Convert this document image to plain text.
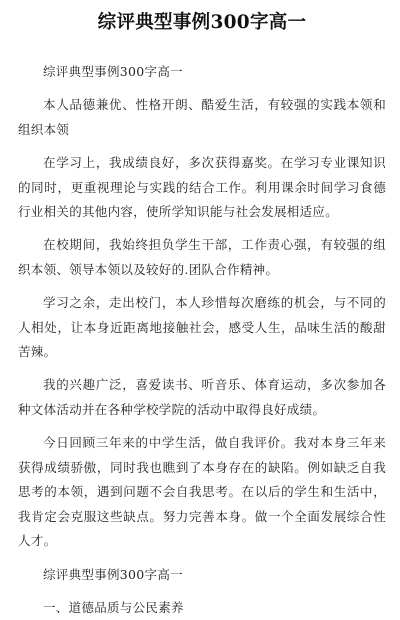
综评典型事例300字高一

综评典型事例300字高一

本人品德兼优、性格开朗、酷爱生活，有较强的实践本领和组织本领

在学习上，我成绩良好，多次获得嘉奖。在学习专业课知识的同时，更重视理论与实践的结合工作。利用课余时间学习食德行业相关的其他内容，使所学知识能与社会发展相适应。

在校期间，我始终担负学生干部，工作责心强，有较强的组织本领、领导本领以及较好的.团队合作精神。

学习之余，走出校门，本人珍惜每次磨练的机会，与不同的人相处，让本身近距离地接触社会，感受人生，品味生活的酸甜苦辣。

我的兴趣广泛，喜爱读书、听音乐、体育运动，多次参加各种文体活动并在各种学校学院的活动中取得良好成绩。

今日回顾三年来的中学生活，做自我评价。我对本身三年来获得成绩骄傲，同时我也瞧到了本身存在的缺陷。例如缺乏自我思考的本领，遇到问题不会自我思考。在以后的学生和生活中，我肯定会克服这些缺点。努力完善本身。做一个全面发展综合性人才。

综评典型事例300字高一

一、道德品质与公民素养
